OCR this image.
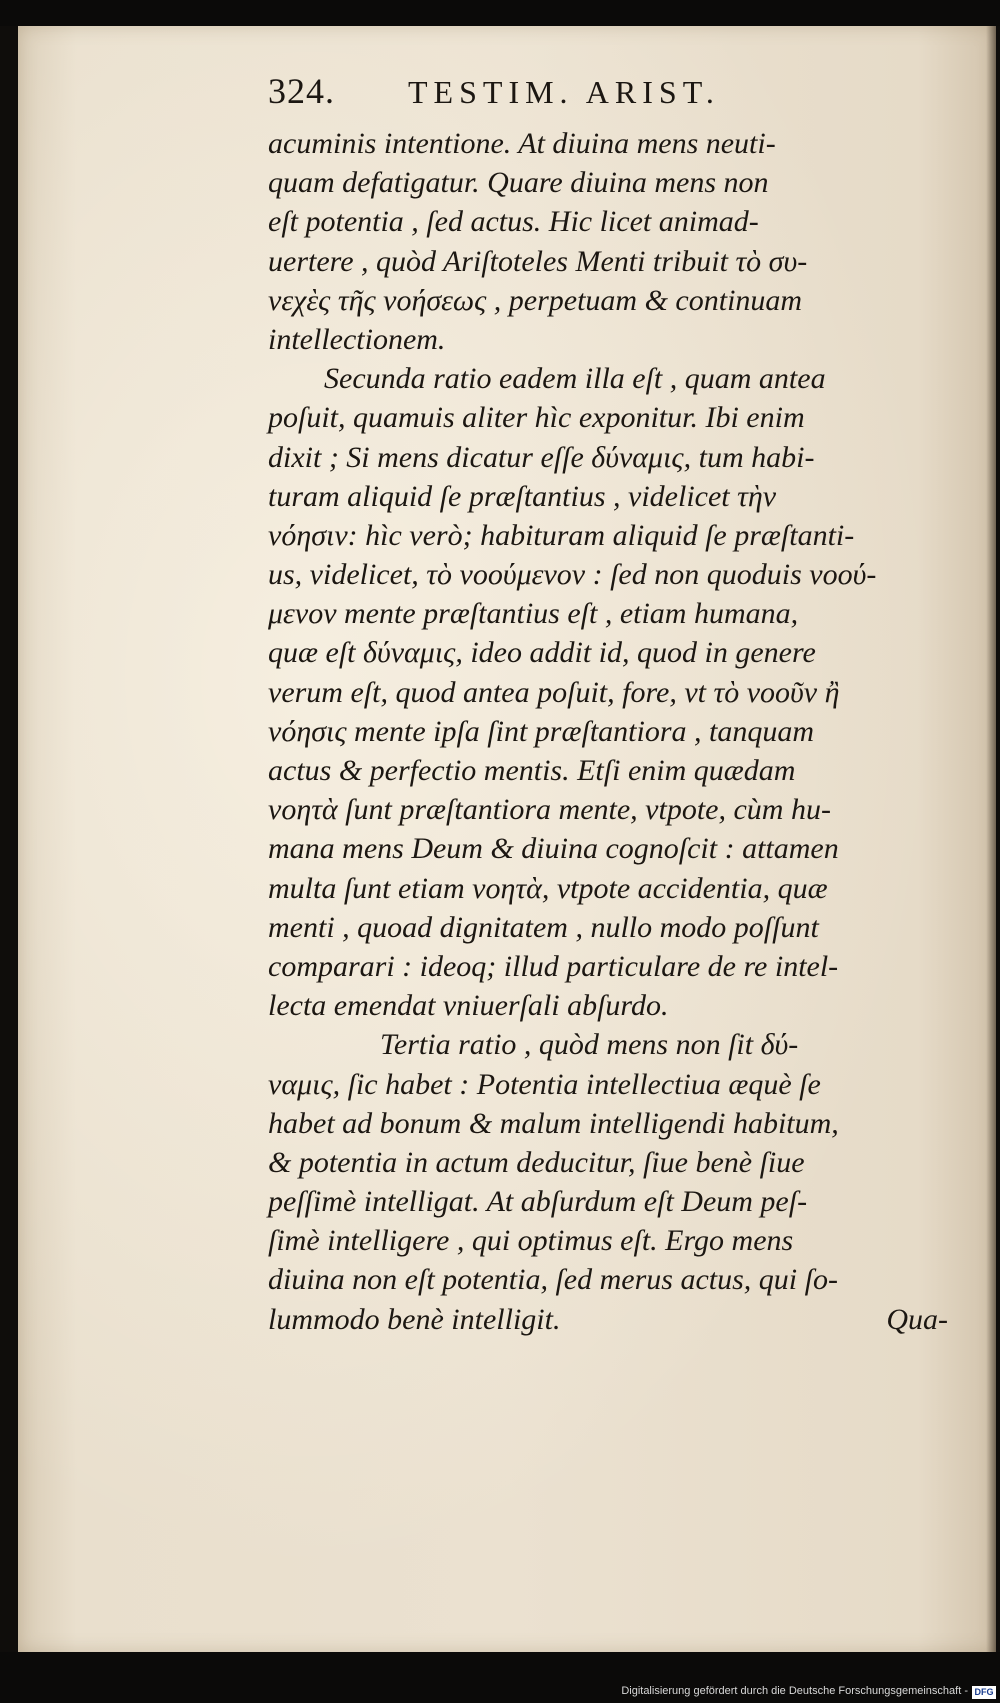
324.	TESTIM. ARIST.
acuminis intentione. At diuina mens neuti-
quam defatigatur. Quare diuina mens non
eſt potentia , ſed actus. Hic licet animad-
uertere , quòd Ariſtoteles Menti tribuit τὸ συ-
νεχὲς τῆς νοήσεως , perpetuam & continuam
intellectionem.
Secunda ratio eadem illa eſt , quam antea
poſuit, quamuis aliter hìc exponitur. Ibi enim
dixit ; Si mens dicatur eſſe δύναμις, tum habi-
turam aliquid ſe præſtantius , videlicet τὴν
νόησιν: hìc verò; habituram aliquid ſe præſtanti-
us, videlicet, τὸ νοούμενον : ſed non quoduis νοού-
μενον mente præſtantius eſt , etiam humana,
quæ eſt δύναμις, ideo addit id, quod in genere
verum eſt, quod antea poſuit, fore, vt τὸ νοοῦν ἢ
νόησις mente ipſa ſint præſtantiora , tanquam
actus & perfectio mentis. Etſi enim quædam
νοητὰ ſunt præſtantiora mente, vtpote, cùm hu-
mana mens Deum & diuina cognoſcit : attamen
multa ſunt etiam νοητὰ, vtpote accidentia, quæ
menti , quoad dignitatem , nullo modo poſſunt
comparari : ideoq; illud particulare de re intel-
lecta emendat vniuerſali abſurdo.
Tertia ratio , quòd mens non ſit δύ-
ναμις, ſic habet : Potentia intellectiua æquè ſe
habet ad bonum & malum intelligendi habitum,
& potentia in actum deducitur, ſiue benè ſiue
peſſimè intelligat. At abſurdum eſt Deum peſ-
ſimè intelligere , qui optimus eſt. Ergo mens
diuina non eſt potentia, ſed merus actus, qui ſo-
lummodo benè intelligit.	Qua-
Digitalisierung gefördert durch die Deutsche Forschungsgemeinschaft - DFG
